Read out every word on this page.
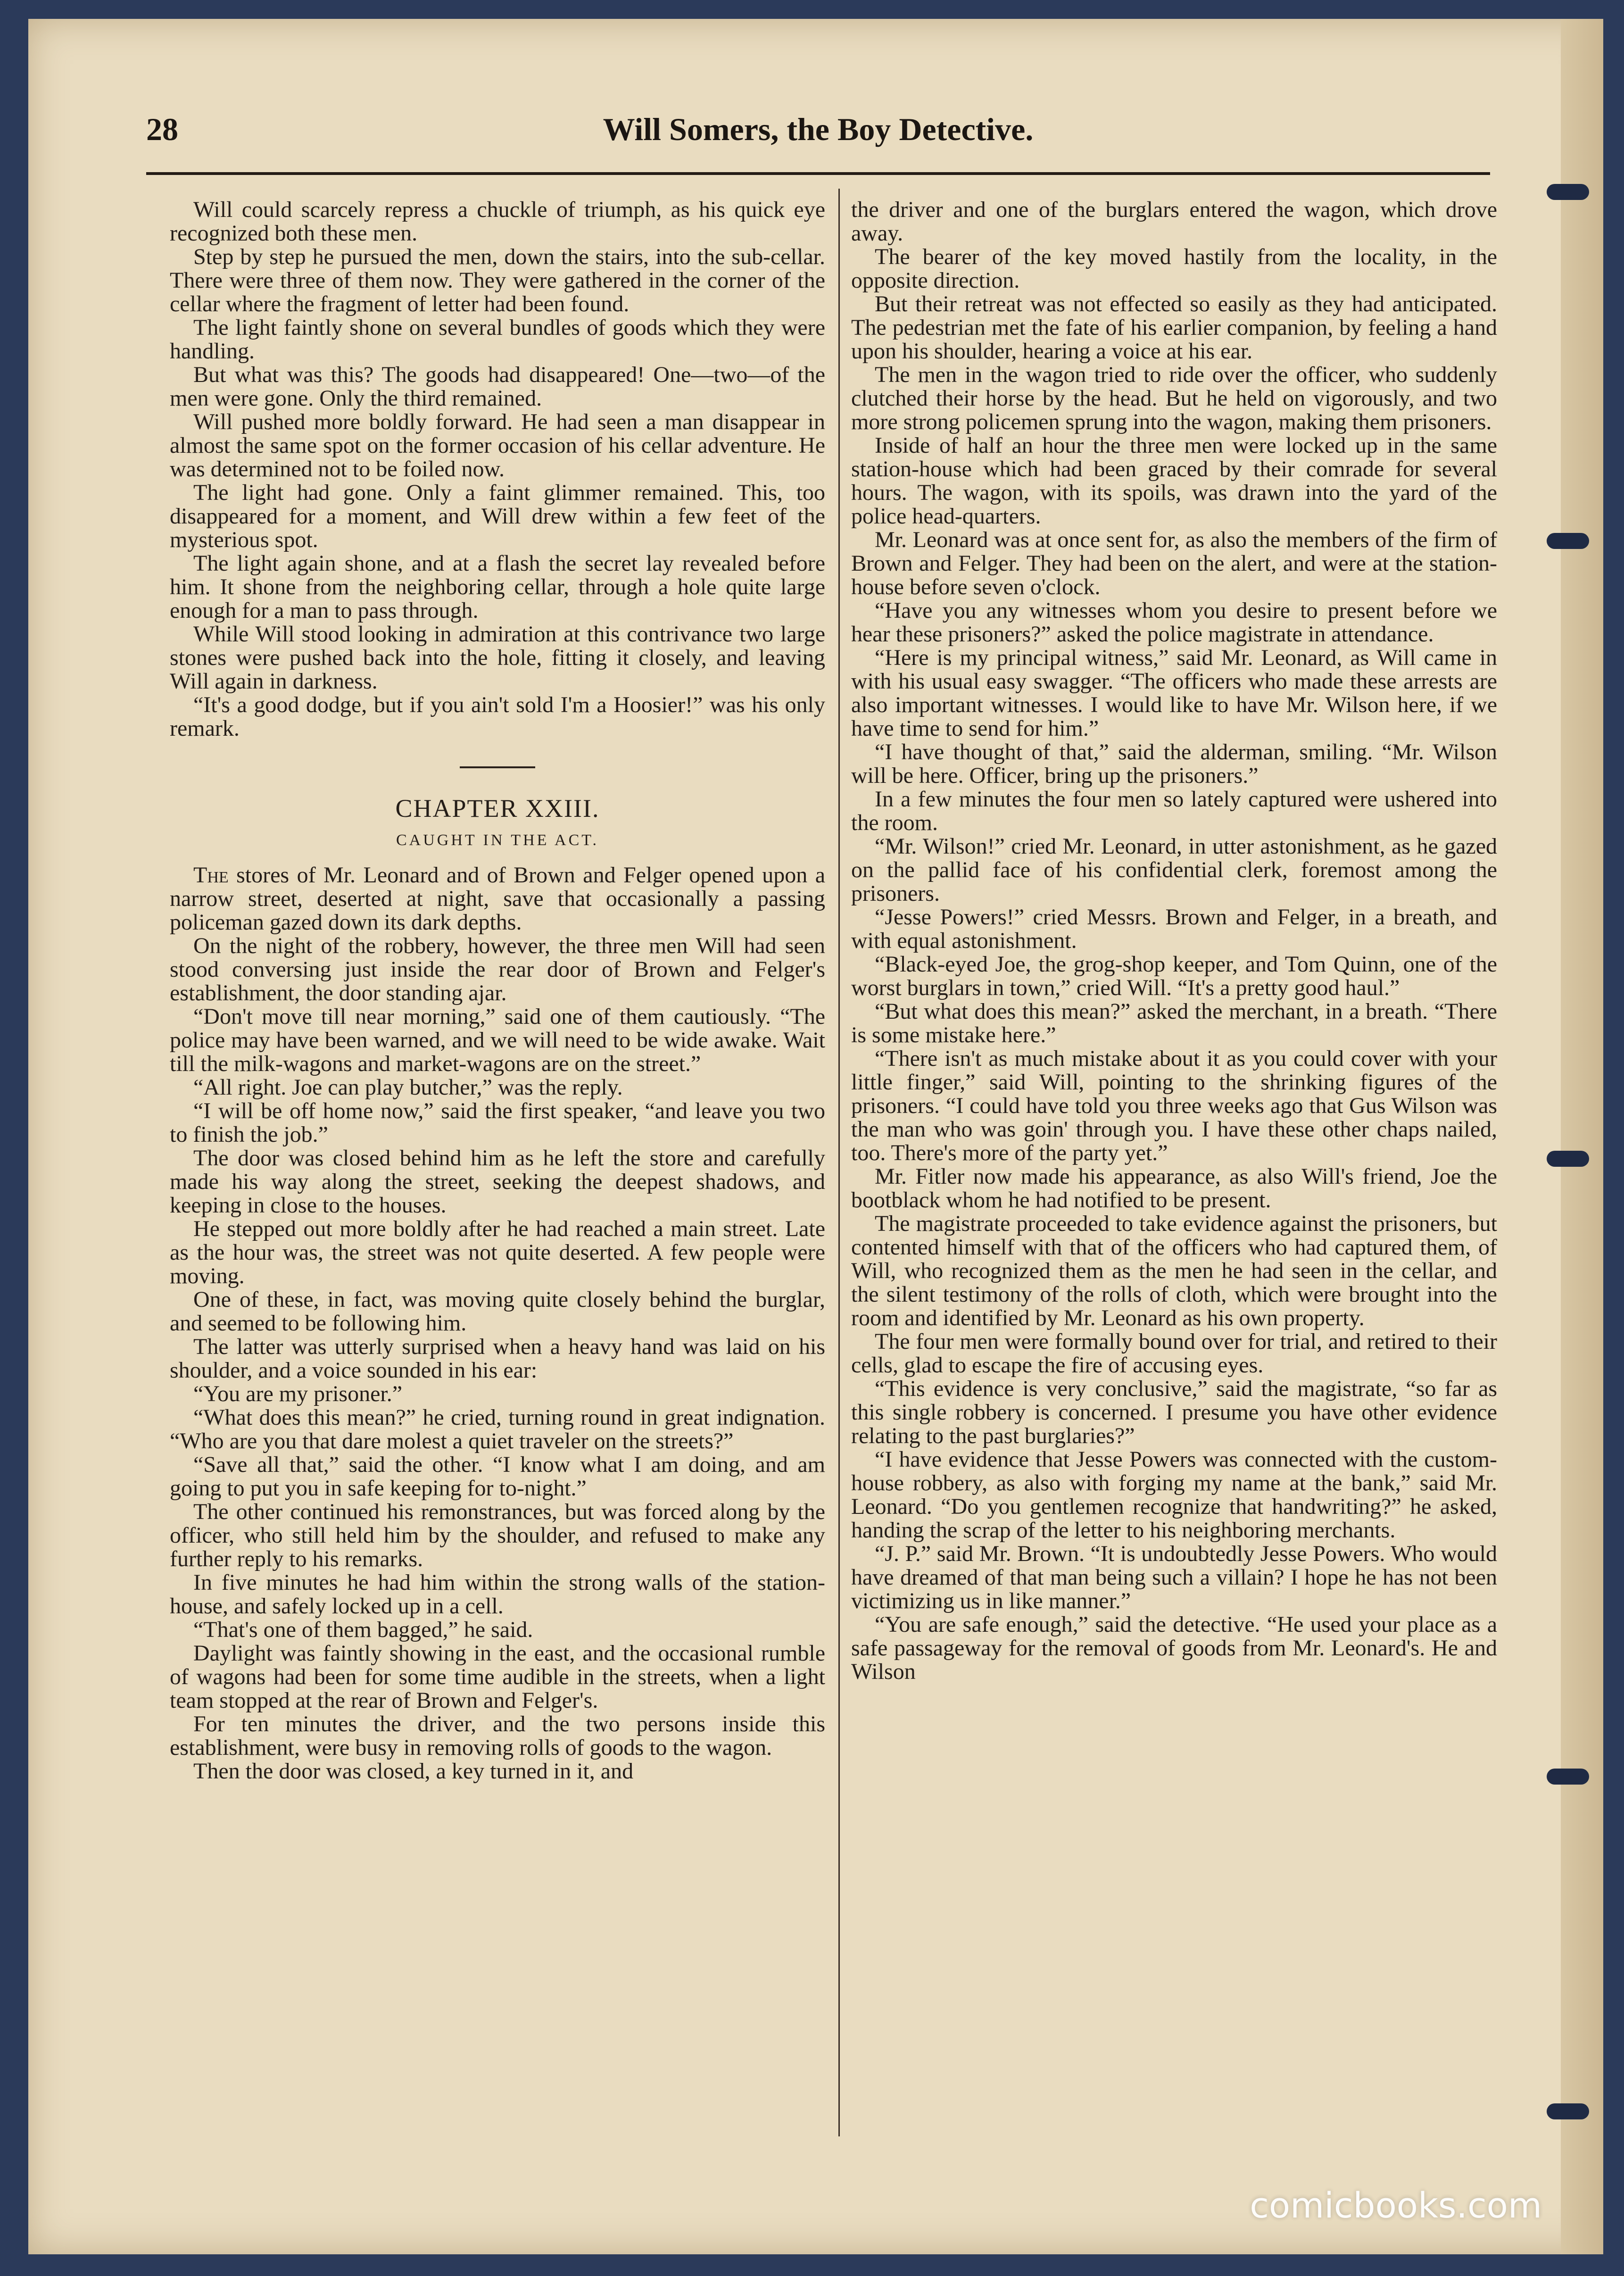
28	Will Somers, the Boy Detective.

Will could scarcely repress a chuckle of triumph, as his quick eye recognized both these men.

Step by step he pursued the men, down the stairs, into the sub-cellar. There were three of them now. They were gathered in the corner of the cellar where the fragment of letter had been found.

The light faintly shone on several bundles of goods which they were handling.

But what was this? The goods had disappeared! One—two—of the men were gone. Only the third remained.

Will pushed more boldly forward. He had seen a man disappear in almost the same spot on the former occasion of his cellar adventure. He was determined not to be foiled now.

The light had gone. Only a faint glimmer remained. This, too disappeared for a moment, and Will drew within a few feet of the mysterious spot.

The light again shone, and at a flash the secret lay revealed before him. It shone from the neighboring cellar, through a hole quite large enough for a man to pass through.

While Will stood looking in admiration at this contrivance two large stones were pushed back into the hole, fitting it closely, and leaving Will again in darkness.

“It's a good dodge, but if you ain't sold I'm a Hoosier!” was his only remark.

CHAPTER XXIII.
CAUGHT IN THE ACT.

The stores of Mr. Leonard and of Brown and Felger opened upon a narrow street, deserted at night, save that occasionally a passing policeman gazed down its dark depths.

On the night of the robbery, however, the three men Will had seen stood conversing just inside the rear door of Brown and Felger's establishment, the door standing ajar.

“Don't move till near morning,” said one of them cautiously. “The police may have been warned, and we will need to be wide awake. Wait till the milk-wagons and market-wagons are on the street.”

“All right. Joe can play butcher,” was the reply.

“I will be off home now,” said the first speaker, “and leave you two to finish the job.”

The door was closed behind him as he left the store and carefully made his way along the street, seeking the deepest shadows, and keeping in close to the houses.

He stepped out more boldly after he had reached a main street. Late as the hour was, the street was not quite deserted. A few people were moving.

One of these, in fact, was moving quite closely behind the burglar, and seemed to be following him.

The latter was utterly surprised when a heavy hand was laid on his shoulder, and a voice sounded in his ear:

“You are my prisoner.”

“What does this mean?” he cried, turning round in great indignation. “Who are you that dare molest a quiet traveler on the streets?”

“Save all that,” said the other. “I know what I am doing, and am going to put you in safe keeping for to-night.”

The other continued his remonstrances, but was forced along by the officer, who still held him by the shoulder, and refused to make any further reply to his remarks.

In five minutes he had him within the strong walls of the station-house, and safely locked up in a cell.

“That's one of them bagged,” he said.

Daylight was faintly showing in the east, and the occasional rumble of wagons had been for some time audible in the streets, when a light team stopped at the rear of Brown and Felger's.

For ten minutes the driver, and the two persons inside this establishment, were busy in removing rolls of goods to the wagon.

Then the door was closed, a key turned in it, and

the driver and one of the burglars entered the wagon, which drove away.

The bearer of the key moved hastily from the locality, in the opposite direction.

But their retreat was not effected so easily as they had anticipated. The pedestrian met the fate of his earlier companion, by feeling a hand upon his shoulder, hearing a voice at his ear.

The men in the wagon tried to ride over the officer, who suddenly clutched their horse by the head. But he held on vigorously, and two more strong policemen sprung into the wagon, making them prisoners.

Inside of half an hour the three men were locked up in the same station-house which had been graced by their comrade for several hours. The wagon, with its spoils, was drawn into the yard of the police head-quarters.

Mr. Leonard was at once sent for, as also the members of the firm of Brown and Felger. They had been on the alert, and were at the station-house before seven o'clock.

“Have you any witnesses whom you desire to present before we hear these prisoners?” asked the police magistrate in attendance.

“Here is my principal witness,” said Mr. Leonard, as Will came in with his usual easy swagger. “The officers who made these arrests are also important witnesses. I would like to have Mr. Wilson here, if we have time to send for him.”

“I have thought of that,” said the alderman, smiling. “Mr. Wilson will be here. Officer, bring up the prisoners.”

In a few minutes the four men so lately captured were ushered into the room.

“Mr. Wilson!” cried Mr. Leonard, in utter astonishment, as he gazed on the pallid face of his confidential clerk, foremost among the prisoners.

“Jesse Powers!” cried Messrs. Brown and Felger, in a breath, and with equal astonishment.

“Black-eyed Joe, the grog-shop keeper, and Tom Quinn, one of the worst burglars in town,” cried Will. “It's a pretty good haul.”

“But what does this mean?” asked the merchant, in a breath. “There is some mistake here.”

“There isn't as much mistake about it as you could cover with your little finger,” said Will, pointing to the shrinking figures of the prisoners. “I could have told you three weeks ago that Gus Wilson was the man who was goin' through you. I have these other chaps nailed, too. There's more of the party yet.”

Mr. Fitler now made his appearance, as also Will's friend, Joe the bootblack whom he had notified to be present.

The magistrate proceeded to take evidence against the prisoners, but contented himself with that of the officers who had captured them, of Will, who recognized them as the men he had seen in the cellar, and the silent testimony of the rolls of cloth, which were brought into the room and identified by Mr. Leonard as his own property.

The four men were formally bound over for trial, and retired to their cells, glad to escape the fire of accusing eyes.

“This evidence is very conclusive,” said the magistrate, “so far as this single robbery is concerned. I presume you have other evidence relating to the past burglaries?”

“I have evidence that Jesse Powers was connected with the custom-house robbery, as also with forging my name at the bank,” said Mr. Leonard. “Do you gentlemen recognize that handwriting?” he asked, handing the scrap of the letter to his neighboring merchants.

“J. P.” said Mr. Brown. “It is undoubtedly Jesse Powers. Who would have dreamed of that man being such a villain? I hope he has not been victimizing us in like manner.”

“You are safe enough,” said the detective. “He used your place as a safe passageway for the removal of goods from Mr. Leonard's. He and Wilson

comicbooks.com
